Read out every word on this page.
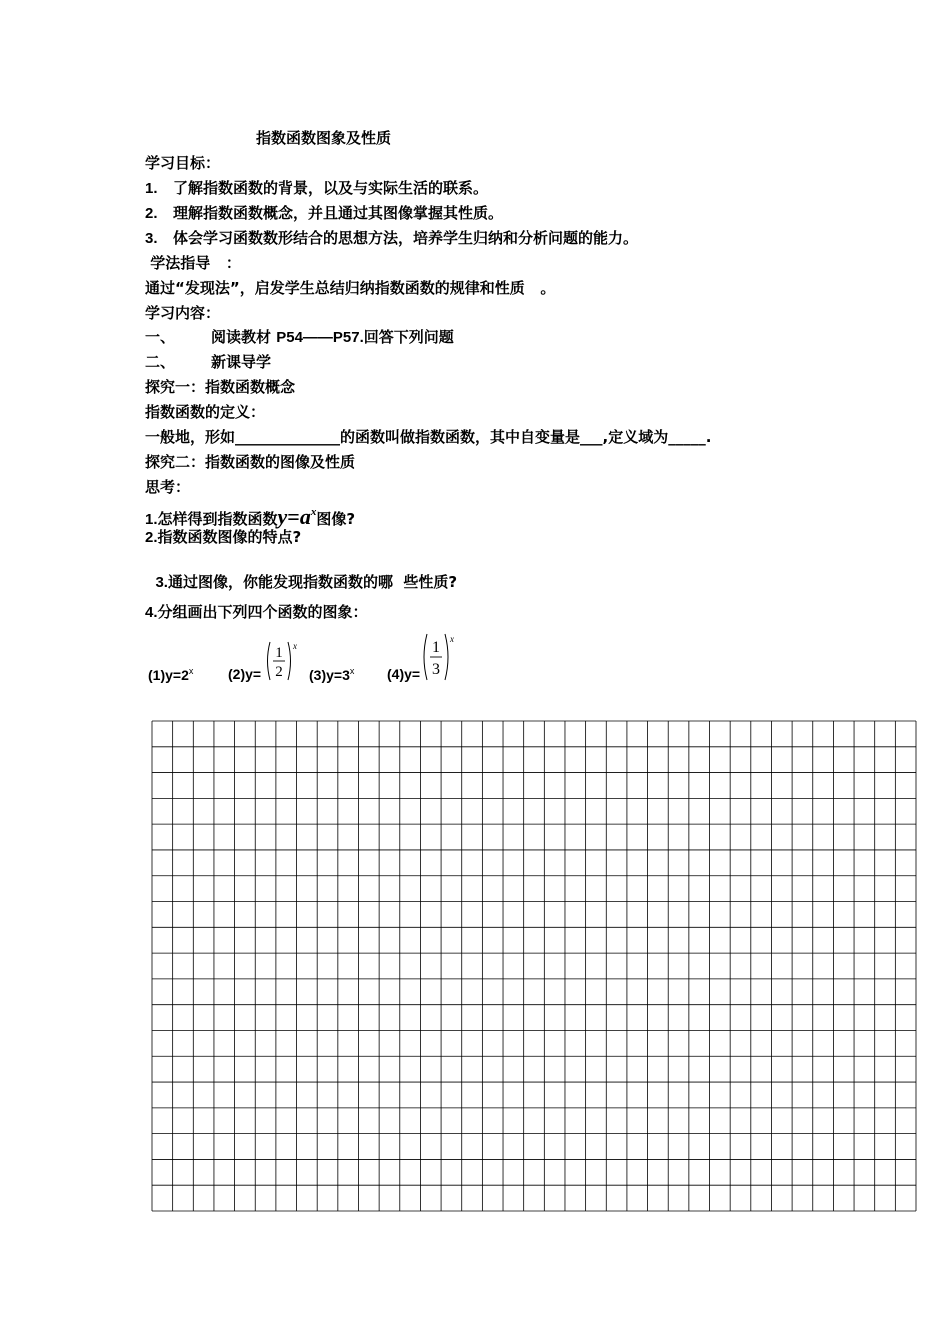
指数函数图象及性质
学习目标：
1. 了解指数函数的背景，以及与实际生活的联系。
2. 理解指数函数概念，并且通过其图像掌握其性质。
3. 体会学习函数数形结合的思想方法，培养学生归纳和分析问题的能力。
学法指导   ：
通过“发现法”，启发学生总结归纳指数函数的规律和性质   。
学习内容：
一、 阅读教材 P54——P57.回答下列问题
二、 新课导学
探究一：指数函数概念
指数函数的定义：
一般地，形如______________的函数叫做指数函数，其中自变量是___,定义域为_____.
探究二：指数函数的图像及性质
思考：
1.怎样得到指数函数$y=a^x$图像?
2.指数函数图像的特点?

3.通过图像，你能发现指数函数的哪  些性质?

4.分组画出下列四个函数的图象：
$(1)y=2^x$ (2)y=
1
2
x
$(3)y=3^x$ (4)y=
1
3
x
